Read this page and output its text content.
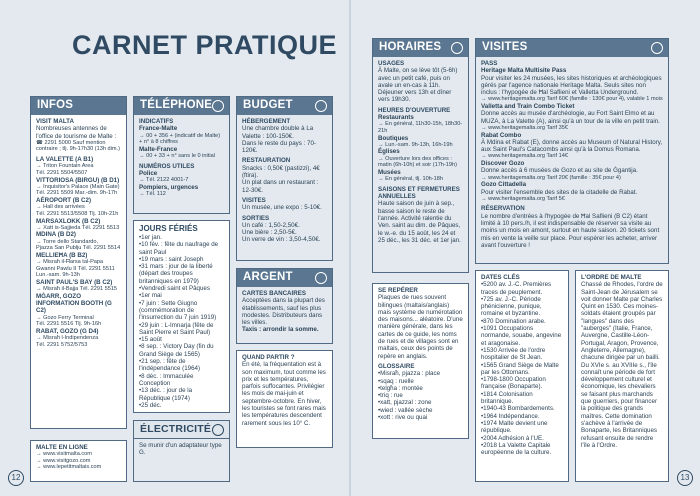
CARNET PRATIQUE
INFOS

VISIT MALTA

Nombreuses antennes de l'office de tourisme de Malte :

☎ 2291 5000 Sauf mention contraire ; tlj. 9h-17h30 (13h dim.)

LA VALETTE (A B1)

→ Triton Fountain Area

Tél. 2291 5504/5507

VITTORIOSA (BIRGU) (B D1)

→ Inquisitor's Palace (Main Gate)

Tél. 2291 5509 Mar.-dim. 9h-17h

AÉROPORT (B C2)

→ Hall des arrivées

Tél. 2291 5513/5508 Tlj. 10h-21h

MARSAXLOKK (B C2)

→ Xatt is-Sajjieda Tél. 2291 5513

MDINA (B D2)

→ Torre dello Standardo,

Pjazza San Publju Tél. 2291 5514

MELLIEĦA (B B2)

→ Misraħ il-Ħarsa tal-Papa

Gwanni Pawlu II Tél. 2291 5511

Lun.-sam. 9h-13h

SAINT PAUL'S BAY (B C2)

→ Misraħ il-Bajja Tél. 2291 5515

MĠARR, GOZO INFORMATION BOOTH (G C2)

→ Gozo Ferry Terminal

Tél. 2291 5516 Tlj. 9h-16h

RABAT, GOZO (G D4)

→ Misraħ l-Indipendenza

Tél. 2291 5752/5753

MALTE EN LIGNE

→ www.visitmalta.com

→ www.visitgozo.com

→ www.lepetitmaltais.com

TÉLÉPHONE

INDICATIFS

France-Malte

→ 00 + 356 + (indicatif de Malte) + n° à 8 chiffres

Malte-France

→ 00 + 33 + n° sans le 0 initial

NUMÉROS UTILES

Police

→ Tél. 2122 4001-7

Pompiers, urgences

→ Tél. 112

JOURS FÉRIÉS

•1er jan.

•10 fév. : fête du naufrage de saint Paul

•19 mars : saint Joseph

•31 mars : jour de la liberté (départ des troupes britanniques en 1979)

•Vendredi saint et Pâques

•1er mai

•7 juin : Sette Giugno (commémoration de l'insurrection du 7 juin 1919)

•29 juin : L-Imnarja (fête de Saint Pierre et Saint Paul)

•15 août

•8 sep. : Victory Day (fin du Grand Siège de 1565)

•21 sep. : fête de l'indépendance (1964)

•8 déc. : Immaculée Conception

•13 déc. : jour de la République (1974)

•25 déc.

ÉLECTRICITÉ

Se munir d'un adaptateur type G.

BUDGET

HÉBERGEMENT

Une chambre double à La Valette : 100-150€.

Dans le reste du pays : 70-120€.

RESTAURATION

Snacks : 0,50€ (pastizzi), 4€ (ftira).

Un plat dans un restaurant : 12-30€.

VISITES

Un musée, une expo : 5-10€.

SORTIES

Un café : 1,50-2,50€.

Une bière : 2,50-5€.

Un verre de vin : 3,50-4,50€.

ARGENT

CARTES BANCAIRES

Acceptées dans la plupart des établissements, sauf les plus modestes. Distributeurs dans les villes.

Taxis : arrondir la somme.

QUAND PARTIR ?

En été, la fréquentation est à son maximum, tout comme les prix et les températures, parfois suffocantes. Privilégier les mois de mai-juin et septembre-octobre. En hiver, les touristes se font rares mais les températures descendent rarement sous les 10° C.

12
HORAIRES

USAGES

À Malte, on se lève tôt (5-6h) avec un petit café, puis on avale un en-cas à 11h. Déjeuner vers 13h et dîner vers 19h30.

HEURES D'OUVERTURE

Restaurants

→ En général, 11h30-15h, 18h30-21h

Boutiques

→ Lun.-sam. 9h-13h, 16h-19h

Églises

→ Ouverture lors des offices : matin (6h-10h) et soir (17h-19h)

Musées

→ En général, tlj. 10h-18h

SAISONS ET FERMETURES ANNUELLES

Haute saison de juin à sep., basse saison le reste de l'année. Activité ralentie du Ven. saint au dim. de Pâques, le w.-e. du 15 août, les 24 et 25 déc., les 31 déc. et 1er jan.

SE REPÉRER

Plaques de rues souvent bilingues (maltais/anglais) mais système de numérotation des maisons... aléatoire. D'une manière générale, dans les cartes de ce guide, les noms de rues et de villages sont en maltais, ceux des points de repère en anglais.

GLOSSAIRE

•Misraħ, pjazza : place

•sqaq : ruelle

•telgħa : montée

•triq : rue

•xatt, pjazzal : zone

•wied : vallée sèche

•xott : rive ou quai

VISITES

PASS

Heritage Malta Multisite Pass

Pour visiter les 24 musées, les sites historiques et archéologiques gérés par l'agence nationale Heritage Malta. Seuls sites non inclus : l'hypogée de Ħal Saflieni et Valletta Underground.

→ www.heritagemalta.org Tarif 60€ (famille : 130€ pour 4), valable 1 mois

Valletta and Train Combo Ticket

Donne accès au musée d'archéologie, au Fort Saint Elmo et au MUZA, à La Valette (A), ainsi qu'à un tour de la ville en petit train.

→ www.heritagemalta.org Tarif 35€

Rabat Combo

À Mdina et Rabat (E), donne accès au Museum of Natural History, aux Saint Paul's Catacombs ainsi qu'à la Domus Romana.

→ www.heritagemalta.org Tarif 14€

Discover Gozo

Donne accès à 6 musées de Gozo et au site de Ġgantija.

→ www.heritagemalta.org Tarif 20€ (famille : 35€ pour 4)

Gozo Cittadella

Pour visiter l'ensemble des sites de la citadelle de Rabat.

→ www.heritagemalta.org Tarif 5€

RÉSERVATION

Le nombre d'entrées à l'hypogée de Ħal Saflieni (B C2) étant limité à 10 pers./h, il est indispensable de réserver sa visite au moins un mois en amont, surtout en haute saison. 20 tickets sont mis en vente la veille sur place. Pour espérer les acheter, arriver avant l'ouverture !

DATES CLÉS

•5200 av. J.-C. Premières traces de peuplement.

•725 av. J.-C. Période phénicienne, punique, romaine et byzantine.

•870 Domination arabe.

•1091 Occupations normande, souabe, angevine et aragonaise.

•1530 Arrivée de l'ordre hospitalier de St Jean.

•1565 Grand Siège de Malte par les Ottomans.

•1798-1800 Occupation française (Bonaparte).

•1814 Colonisation britannique.

•1940-43 Bombardements.

•1964 Indépendance.

•1974 Malte devient une république.

•2004 Adhésion à l'UE.

•2018 La Valette Capitale européenne de la culture.

L'ORDRE DE MALTE

Chassé de Rhodes, l'ordre de Saint-Jean de Jérusalem se voit donner Malte par Charles Quint en 1530. Ces moines-soldats étaient groupés par "langues" dans des "auberges" (Italie, France, Auvergne, Castille-Léon-Portugal, Aragon, Provence, Angleterre, Allemagne), chacune dirigée par un bailli. Du XVIe s. au XVIIIe s., l'île connaît une période de fort développement culturel et économique, les chevaliers se faisant plus marchands que guerriers, pour financer la politique des grands maîtres. Cette domination s'achève à l'arrivée de Bonaparte, les Britanniques refusant ensuite de rendre l'île à l'Ordre.

13
